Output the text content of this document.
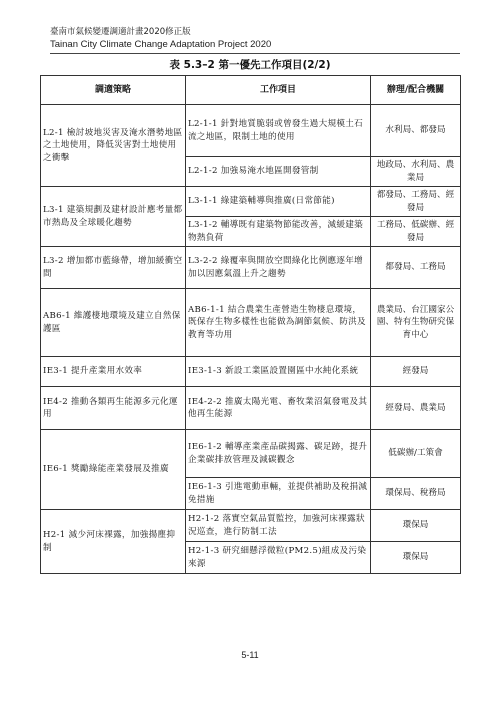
臺南市氣候變遷調適計畫2020修正版
Tainan City Climate Change Adaptation Project 2020
表 5.3–2 第一優先工作項目(2/2)
調適策略	工作項目	辦理/配合機關
L2-1 檢討坡地災害及淹水潛勢地區之土地使用，降低災害對土地使用之衝擊	L2-1-1 針對地質脆弱或曾發生過大規模土石流之地區，限制土地的使用	水利局、都發局
	L2-1-2 加強易淹水地區開發管制	地政局、水利局、農業局
L3-1 建築規劃及建材設計應考量都市熱島及全球暖化趨勢	L3-1-1 綠建築輔導與推廣(日常節能)	都發局、工務局、經發局
	L3-1-2 輔導既有建築物節能改善，減緩建築物熱負荷	工務局、低碳辦、經發局
L3-2 增加都市藍綠帶，增加緩衝空間	L3-2-2 綠覆率與開放空間綠化比例應逐年增加以因應氣溫上升之趨勢	都發局、工務局
AB6-1 維護棲地環境及建立自然保護區	AB6-1-1 結合農業生產營造生物棲息環境，既保存生物多樣性也能做為調節氣候、防洪及教育等功用	農業局、台江國家公園、特有生物研究保育中心
IE3-1 提升產業用水效率	IE3-1-3 新設工業區設置園區中水純化系統	經發局
IE4-2 推動各類再生能源多元化運用	IE4-2-2 推廣太陽光電、畜牧業沼氣發電及其他再生能源	經發局、農業局
IE6-1 獎勵綠能產業發展及推廣	IE6-1-2 輔導產業產品碳揭露、碳足跡，提升企業碳排放管理及減碳觀念	低碳辦/工策會
	IE6-1-3 引進電動車輛，並提供補助及稅捐減免措施	環保局、稅務局
H2-1 減少河床裸露，加強揚塵抑制	H2-1-2 落實空氣品質監控，加強河床裸露狀況巡查，進行防制工法	環保局
	H2-1-3 研究細懸浮微粒(PM2.5)組成及污染來源	環保局
5-11
